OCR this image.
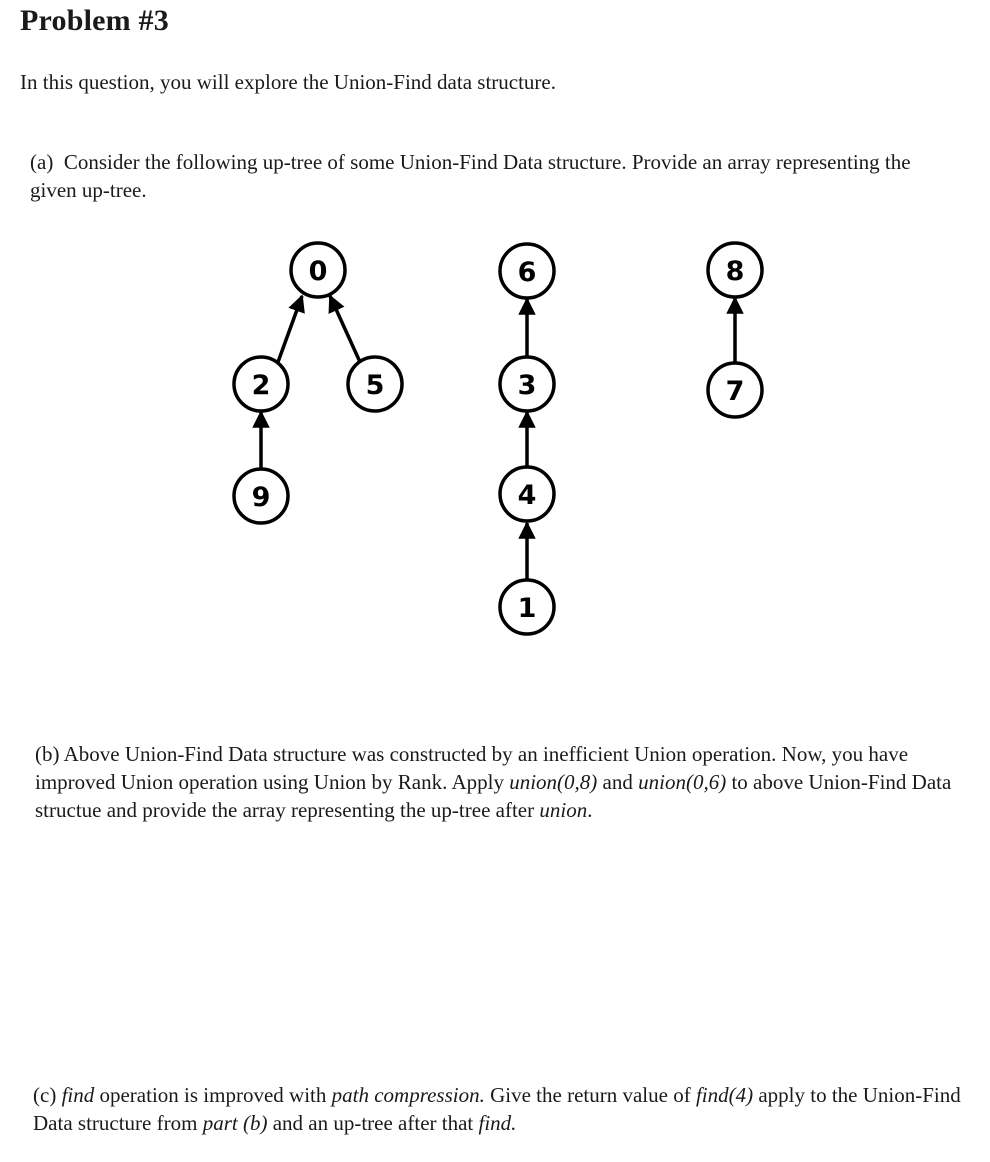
Problem #3

In this question, you will explore the Union-Find data structure.

(a) Consider the following up-tree of some Union-Find Data structure. Provide an array representing the given up-tree.

0
5
2
9
6
3
4
1
8
7

(b) Above Union-Find Data structure was constructed by an inefficient Union operation. Now, you have improved Union operation using Union by Rank. Apply union(0,8) and union(0,6) to above Union-Find Data structue and provide the array representing the up-tree after union.

(c) find operation is improved with path compression. Give the return value of find(4) apply to the Union-Find Data structure from part (b) and an up-tree after that find.
